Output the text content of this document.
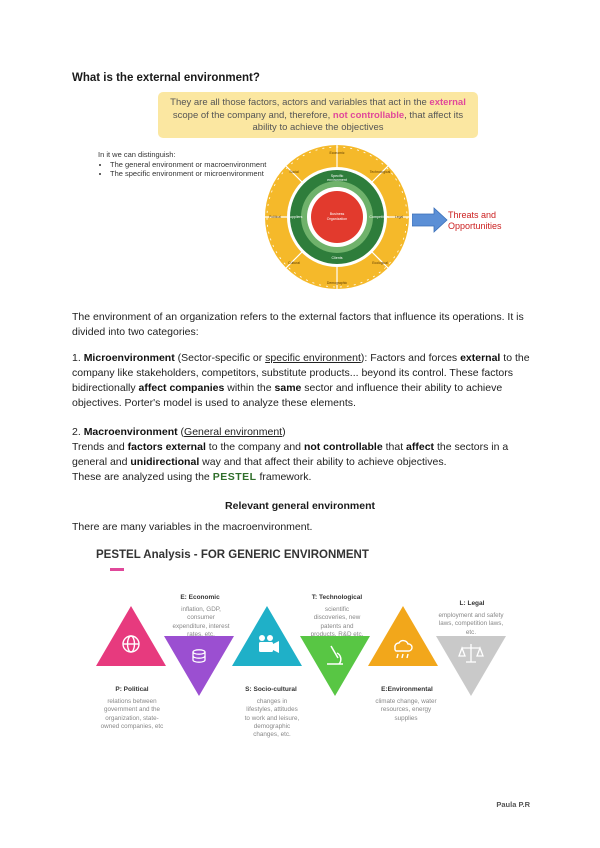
What is the external environment?
They are all those factors, actors and variables that act in the external scope of the company and, therefore, not controllable, that affect its ability to achieve the objectives
In it we can distinguish:
• The general environment or macroenvironment
• The specific environment or microenvironment
Business
Organization
Specific
environment
Clients
Suppliers	Competition
Economic
Demographic
Political	Legal
Social	Technological
Cultural	Ecological
Threats and
Opportunities
The environment of an organization refers to the external factors that influence its operations. It is divided into two categories:
1. Microenvironment (Sector-specific or specific environment): Factors and forces external to the company like stakeholders, competitors, substitute products... beyond its control. These factors bidirectionally affect companies within the same sector and influence their ability to achieve objectives. Porter's model is used to analyze these elements.
2. Macroenvironment (General environment)
Trends and factors external to the company and not controllable that affect the sectors in a general and unidirectional way and that affect their ability to achieve objectives.
These are analyzed using the PESTEL framework.
Relevant general environment
There are many variables in the macroenvironment.
PESTEL Analysis - FOR GENERIC ENVIRONMENT
E: Economic
inflation, GDP, consumer expenditure, interest rates, etc.
T: Technological
scientific discoveries, new patents and products, R&D etc.
L: Legal
employment and safety laws, competition laws, etc.
P: Political
relations between government and the organization, state-owned companies, etc
S: Socio-cultural
changes in lifestyles, attitudes to work and leisure, demographic changes, etc.
E:Environmental
climate change, water resources, energy supplies
Paula P.R
